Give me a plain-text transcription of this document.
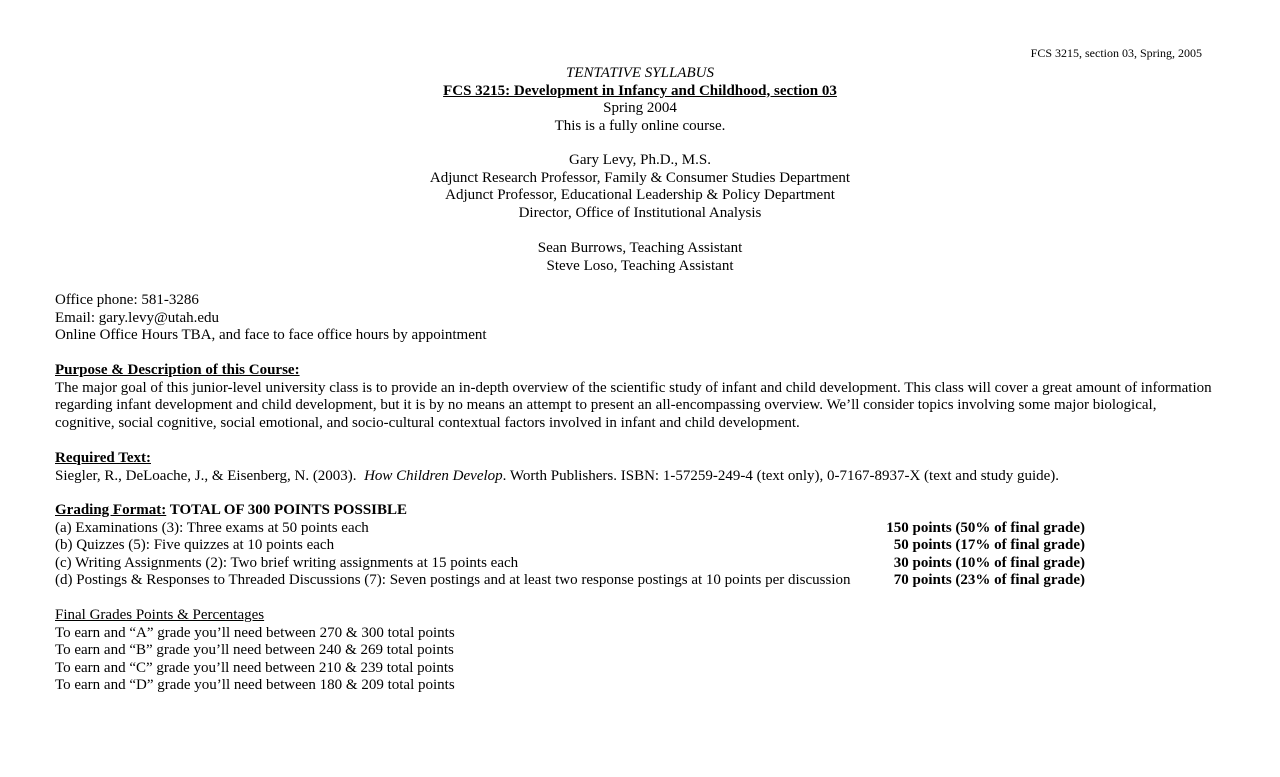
FCS 3215, section 03, Spring, 2005
TENTATIVE SYLLABUS
FCS 3215: Development in Infancy and Childhood, section 03
Spring 2004
This is a fully online course.
Gary Levy, Ph.D., M.S.
Adjunct Research Professor, Family & Consumer Studies Department
Adjunct Professor, Educational Leadership & Policy Department
Director, Office of Institutional Analysis
Sean Burrows, Teaching Assistant
Steve Loso, Teaching Assistant
Office phone: 581-3286
Email: gary.levy@utah.edu
Online Office Hours TBA, and face to face office hours by appointment
Purpose & Description of this Course:
The major goal of this junior-level university class is to provide an in-depth overview of the scientific study of infant and child development. This class will cover a great amount of information regarding infant development and child development, but it is by no means an attempt to present an all-encompassing overview. We’ll consider topics involving some major biological, cognitive, social cognitive, social emotional, and socio-cultural contextual factors involved in infant and child development.
Required Text:
Siegler, R., DeLoache, J., & Eisenberg, N. (2003). How Children Develop. Worth Publishers. ISBN: 1-57259-249-4 (text only), 0-7167-8937-X (text and study guide).
Grading Format: TOTAL OF 300 POINTS POSSIBLE
(a) Examinations (3): Three exams at 50 points each	150 points (50% of final grade)
(b) Quizzes (5): Five quizzes at 10 points each	50 points (17% of final grade)
(c) Writing Assignments (2): Two brief writing assignments at 15 points each	30 points (10% of final grade)
(d) Postings & Responses to Threaded Discussions (7): Seven postings and at least two response postings at 10 points per discussion	70 points (23% of final grade)
Final Grades Points & Percentages
To earn and “A” grade you’ll need between 270 & 300 total points
To earn and “B” grade you’ll need between 240 & 269 total points
To earn and “C” grade you’ll need between 210 & 239 total points
To earn and “D” grade you’ll need between 180 & 209 total points
